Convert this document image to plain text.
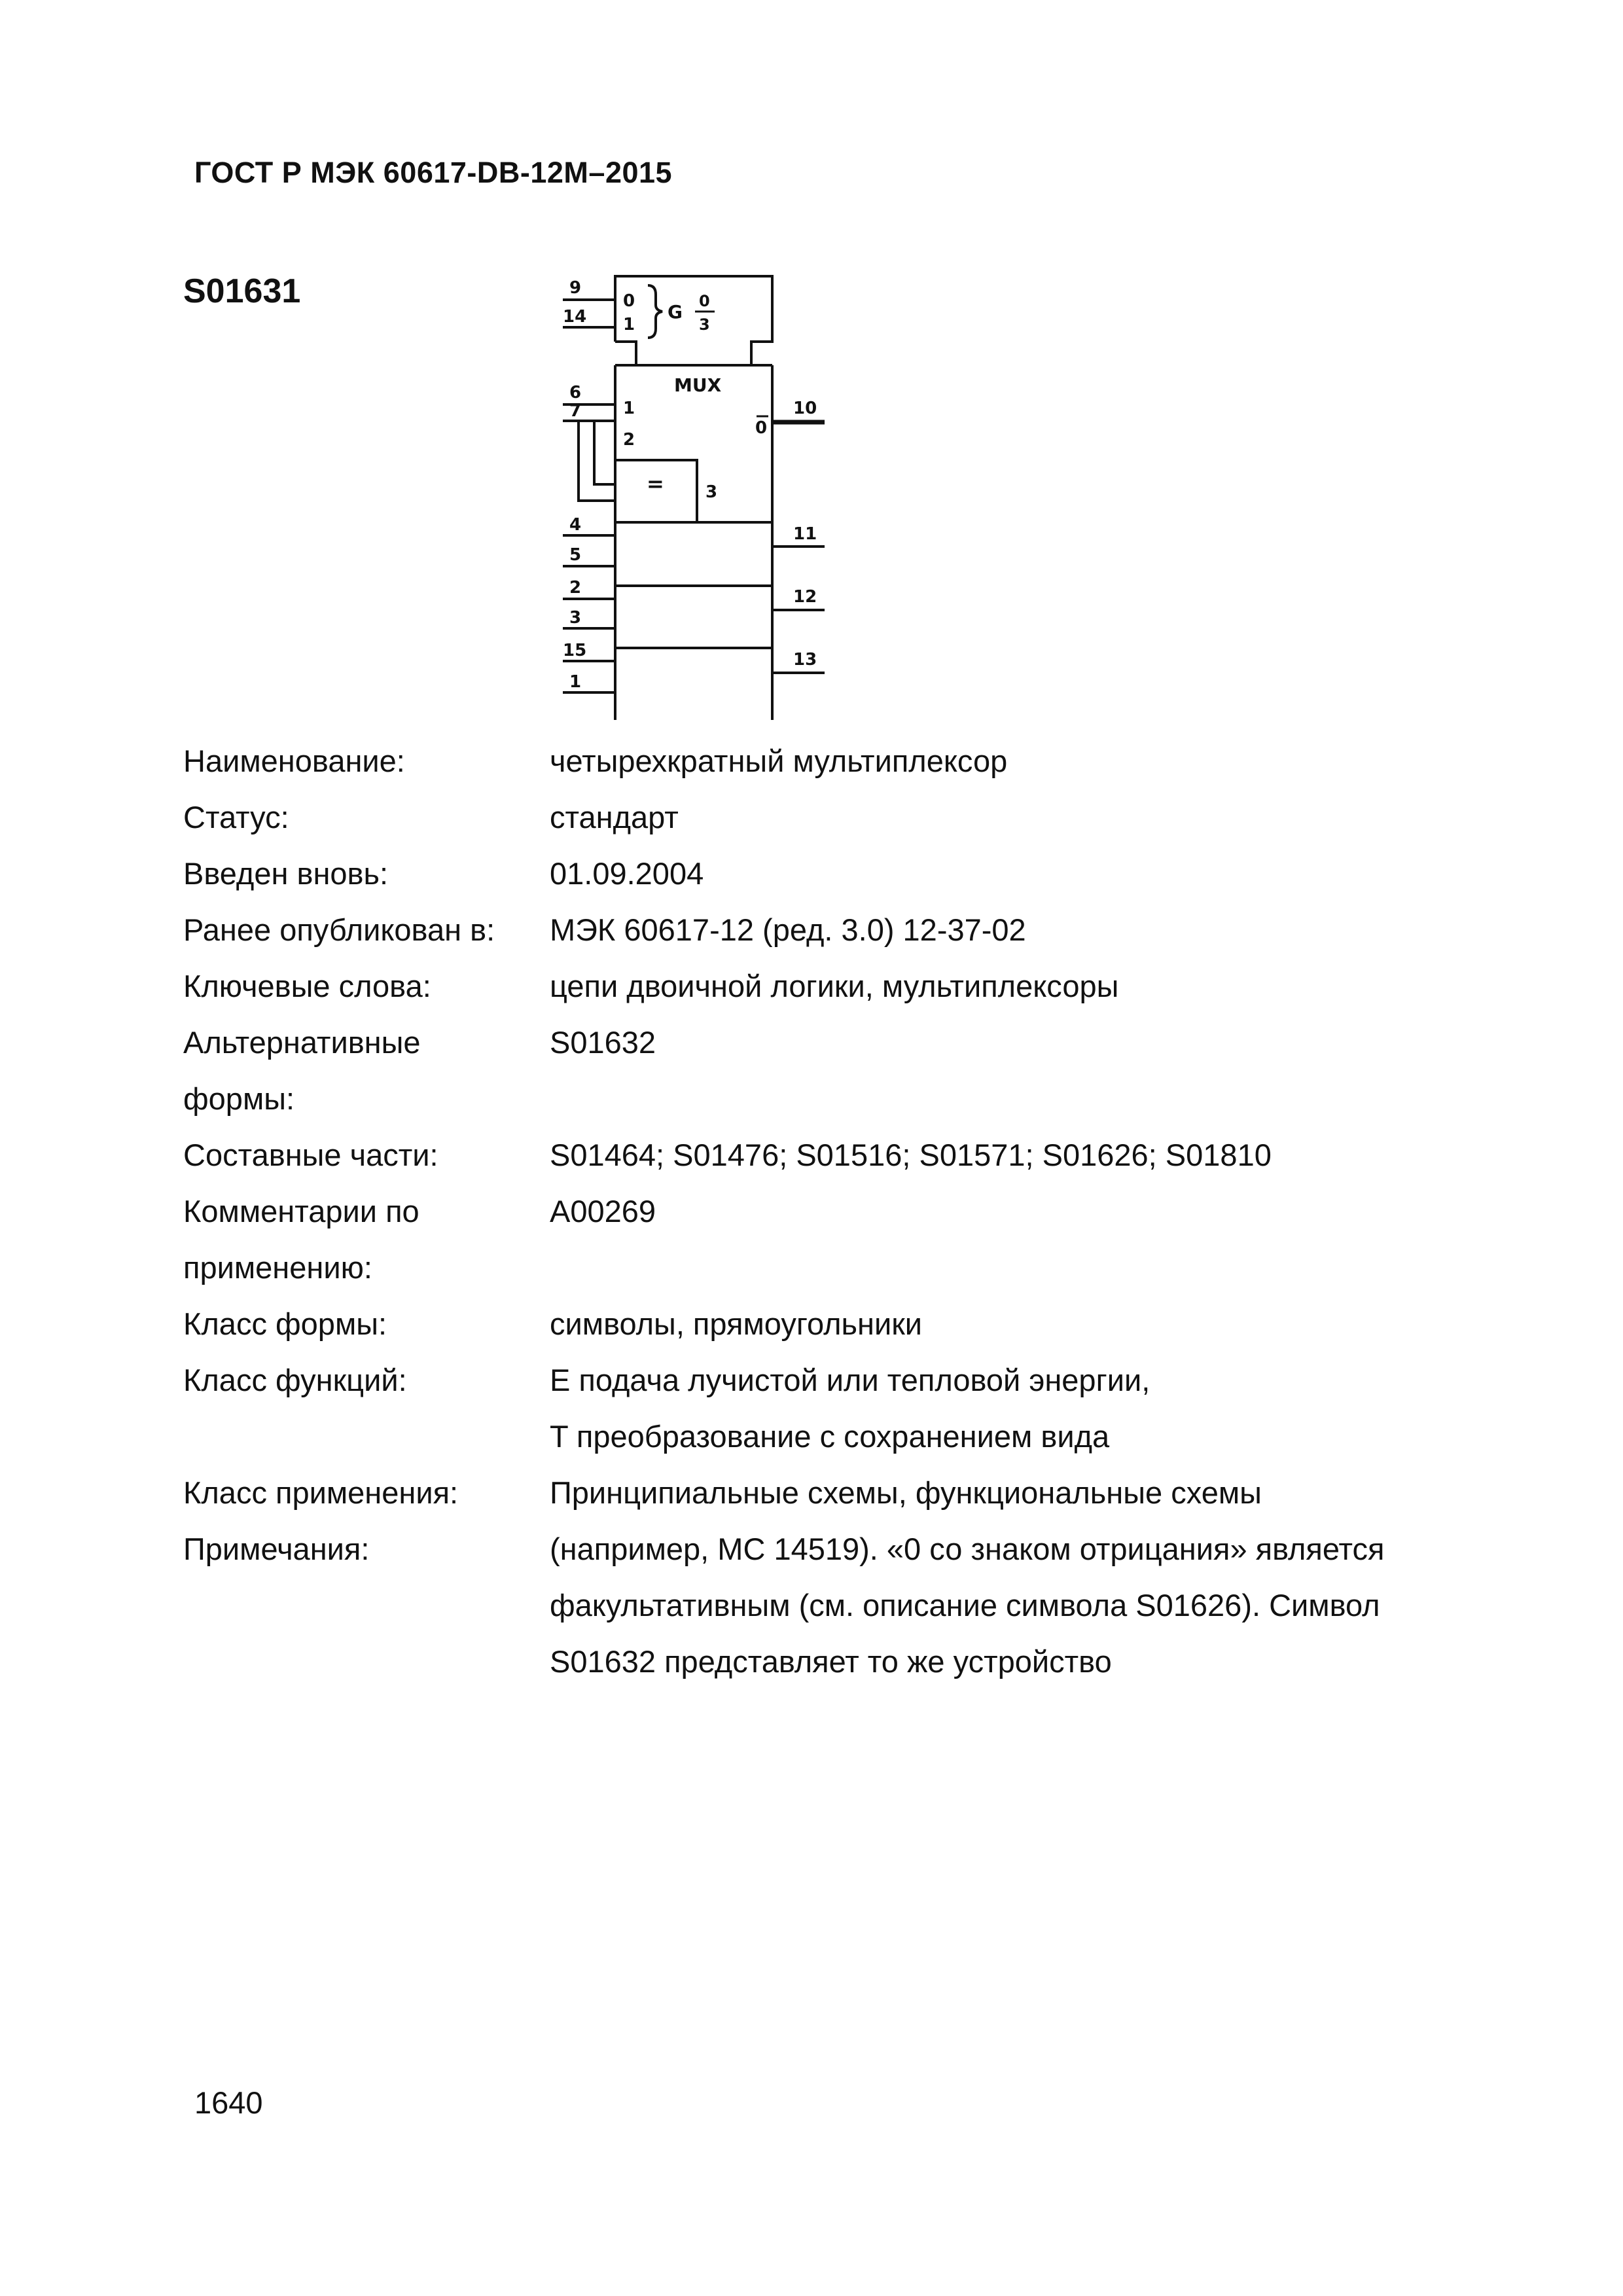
ГОСТ Р МЭК 60617-DB-12M–2015
S01631	9
14
0
1
G 0
3
MUX
6
7 1
2
= 3
0
10
4
5
2
3
15
1
11
12
13
Наименование:	четырехкратный мультиплексор
Статус:	стандарт
Введен вновь:	01.09.2004
Ранее опубликован в:	МЭК 60617-12 (ред. 3.0) 12-37-02
Ключевые слова:	цепи двоичной логики, мультиплексоры
Альтернативные
формы:
S01632
Составные части:	S01464; S01476; S01516; S01571; S01626; S01810
Комментарии по
применению:
A00269
Класс формы:	символы, прямоугольники
Класс функций:	E подача лучистой или тепловой энергии,
T преобразование с сохранением вида
Класс применения:	Принципиальные схемы, функциональные схемы
Примечания:	(например, МС 14519). «0 со знаком отрицания» является
факультативным (см. описание символа S01626). Символ
S01632 представляет то же устройство
1640
